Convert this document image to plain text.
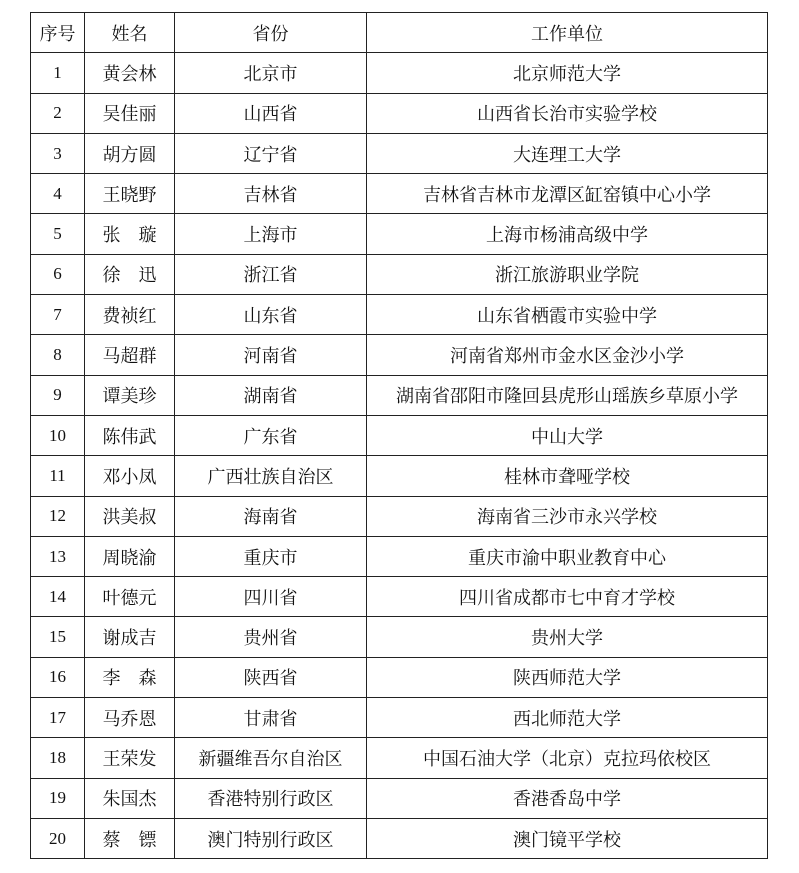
序号	姓名	省份	工作单位
1	黄会林	北京市	北京师范大学
2	吴佳丽	山西省	山西省长治市实验学校
3	胡方圆	辽宁省	大连理工大学
4	王晓野	吉林省	吉林省吉林市龙潭区缸窑镇中心小学
5	张　璇	上海市	上海市杨浦高级中学
6	徐　迅	浙江省	浙江旅游职业学院
7	费祯红	山东省	山东省栖霞市实验中学
8	马超群	河南省	河南省郑州市金水区金沙小学
9	谭美珍	湖南省	湖南省邵阳市隆回县虎形山瑶族乡草原小学
10	陈伟武	广东省	中山大学
11	邓小凤	广西壮族自治区	桂林市聋哑学校
12	洪美叔	海南省	海南省三沙市永兴学校
13	周晓渝	重庆市	重庆市渝中职业教育中心
14	叶德元	四川省	四川省成都市七中育才学校
15	谢成吉	贵州省	贵州大学
16	李　森	陕西省	陕西师范大学
17	马乔恩	甘肃省	西北师范大学
18	王荣发	新疆维吾尔自治区	中国石油大学（北京）克拉玛依校区
19	朱国杰	香港特别行政区	香港香岛中学
20	蔡　镖	澳门特别行政区	澳门镜平学校
